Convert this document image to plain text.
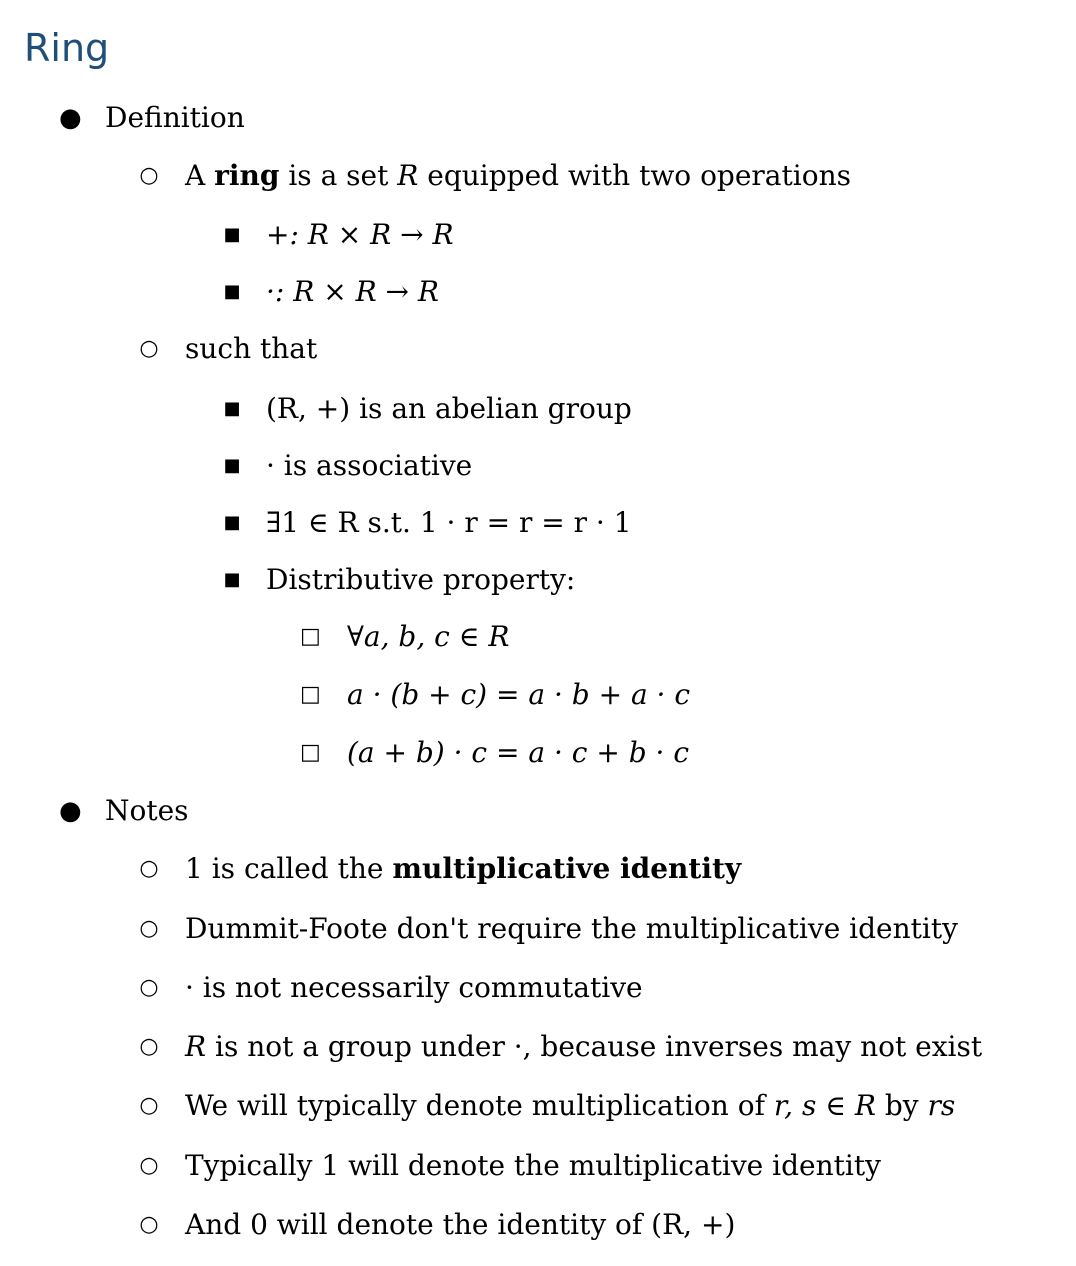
Ring
● Definition
○ A ring is a set R equipped with two operations
■ +: R × R → R
■ ·: R × R → R
○ such that
■ (R, +) is an abelian group
■ · is associative
■ ∃1 ∈ R s.t. 1 · r = r = r · 1
■ Distributive property:
□ ∀a, b, c ∈ R
□ a · (b + c) = a · b + a · c
□ (a + b) · c = a · c + b · c
● Notes
○ 1 is called the multiplicative identity
○ Dummit-Foote don't require the multiplicative identity
○ · is not necessarily commutative
○ R is not a group under ·, because inverses may not exist
○ We will typically denote multiplication of r, s ∈ R by rs
○ Typically 1 will denote the multiplicative identity
○ And 0 will denote the identity of (R, +)
